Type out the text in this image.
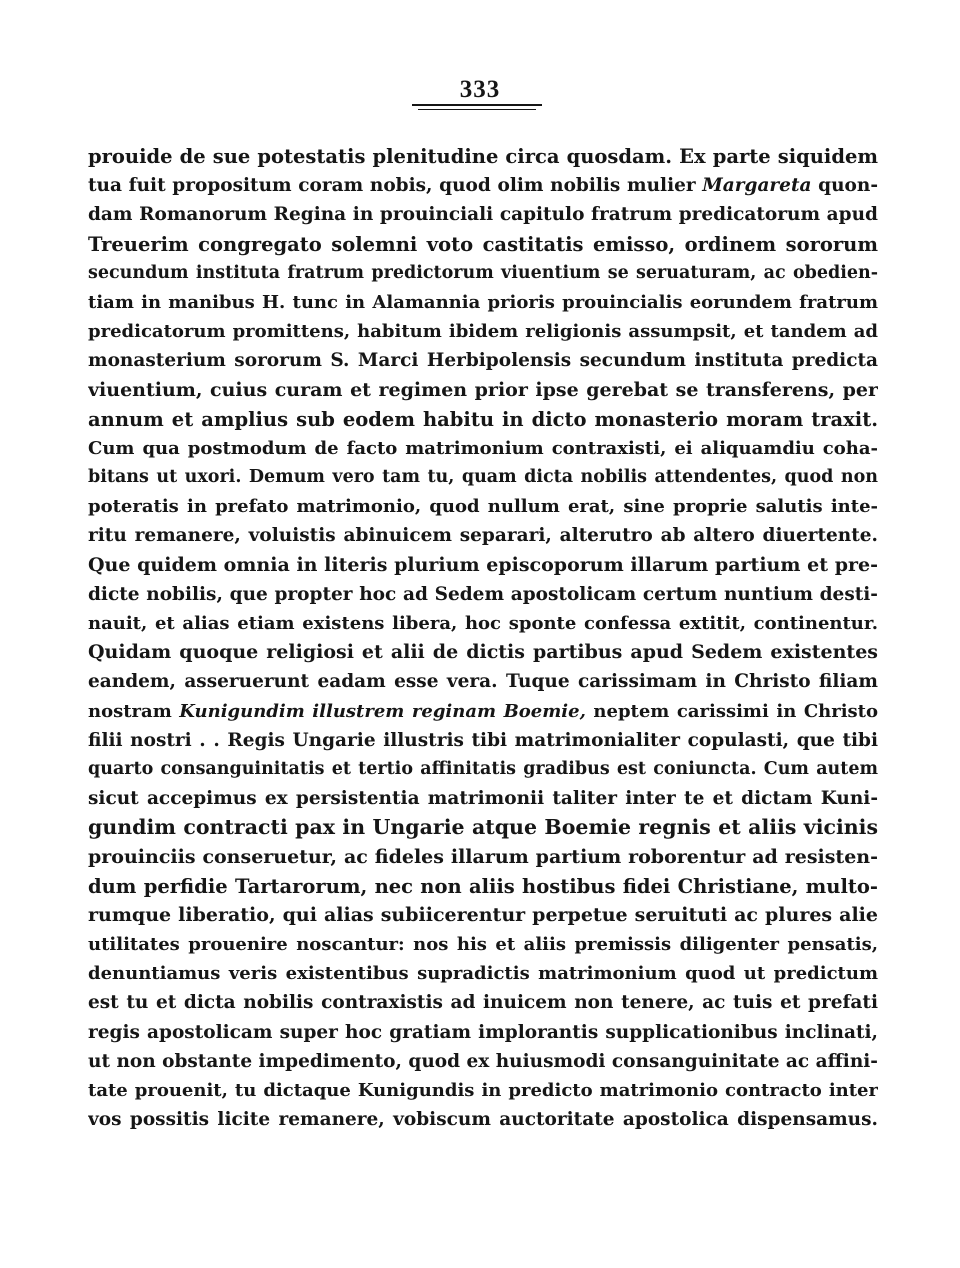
333
prouide de sue potestatis plenitudine circa quosdam. Ex parte siquidem
tua fuit propositum coram nobis, quod olim nobilis mulier Margareta quon-
dam Romanorum Regina in prouinciali capitulo fratrum predicatorum apud
Treuerim congregato solemni voto castitatis emisso, ordinem sororum
secundum instituta fratrum predictorum viuentium se seruaturam, ac obedien-
tiam in manibus H. tunc in Alamannia prioris prouincialis eorundem fratrum
predicatorum promittens, habitum ibidem religionis assumpsit, et tandem ad
monasterium sororum S. Marci Herbipolensis secundum instituta predicta
viuentium, cuius curam et regimen prior ipse gerebat se transferens, per
annum et amplius sub eodem habitu in dicto monasterio moram traxit.
Cum qua postmodum de facto matrimonium contraxisti, ei aliquamdiu coha-
bitans ut uxori. Demum vero tam tu, quam dicta nobilis attendentes, quod non
poteratis in prefato matrimonio, quod nullum erat, sine proprie salutis inte-
ritu remanere, voluistis abinuicem separari, alterutro ab altero diuertente.
Que quidem omnia in literis plurium episcoporum illarum partium et pre-
dicte nobilis, que propter hoc ad Sedem apostolicam certum nuntium desti-
nauit, et alias etiam existens libera, hoc sponte confessa extitit, continentur.
Quidam quoque religiosi et alii de dictis partibus apud Sedem existentes
eandem, asseruerunt eadam esse vera. Tuque carissimam in Christo filiam
nostram Kunigundim illustrem reginam Boemie, neptem carissimi in Christo
filii nostri . . Regis Ungarie illustris tibi matrimonialiter copulasti, que tibi
quarto consanguinitatis et tertio affinitatis gradibus est coniuncta. Cum autem
sicut accepimus ex persistentia matrimonii taliter inter te et dictam Kuni-
gundim contracti pax in Ungarie atque Boemie regnis et aliis vicinis
prouinciis conseruetur, ac fideles illarum partium roborentur ad resisten-
dum perfidie Tartarorum, nec non aliis hostibus fidei Christiane, multo-
rumque liberatio, qui alias subiicerentur perpetue seruituti ac plures alie
utilitates prouenire noscantur: nos his et aliis premissis diligenter pensatis,
denuntiamus veris existentibus supradictis matrimonium quod ut predictum
est tu et dicta nobilis contraxistis ad inuicem non tenere, ac tuis et prefati
regis apostolicam super hoc gratiam implorantis supplicationibus inclinati,
ut non obstante impedimento, quod ex huiusmodi consanguinitate ac affini-
tate prouenit, tu dictaque Kunigundis in predicto matrimonio contracto inter
vos possitis licite remanere, vobiscum auctoritate apostolica dispensamus.
